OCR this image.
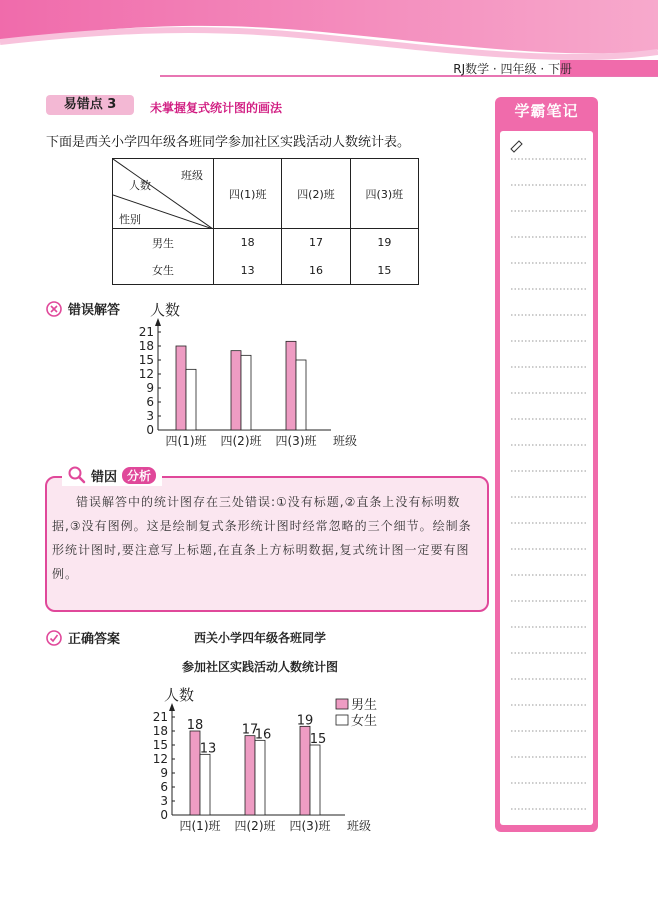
RJ数学 · 四年级 · 下册
易错点 3	未掌握复式统计图的画法
下面是西关小学四年级各班同学参加社区实践活动人数统计表。
班级
人数
性别	四(1)班	四(2)班	四(3)班
男生	18	17	19
女生	13	16	15
错误解答 人数
0
3
6
9
12
15
18
21
四(1)班 四(2)班 四(3)班 班级
错因 分析
错误解答中的统计图存在三处错误:①没有标题,②直条上没有标明数据,③没有图例。这是绘制复式条形统计图时经常忽略的三个细节。绘制条形统计图时,要注意写上标题,在直条上方标明数据,复式统计图一定要有图例。
正确答案	西关小学四年级各班同学
参加社区实践活动人数统计图
人数
0
3
6
9
12
15
18
21
18
13
四(1)班
17
16
四(2)班
19
15
四(3)班 班级
男生
女生
学霸笔记
